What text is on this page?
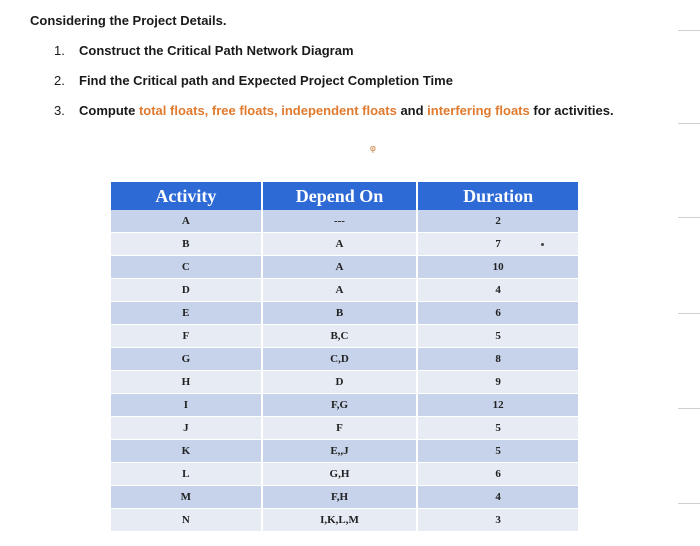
Considering the Project Details.
1. Construct the Critical Path Network Diagram
2. Find the Critical path and Expected Project Completion Time
3. Compute total floats, free floats, independent floats and interfering floats for activities.
φ
Activity	Depend On	Duration
A	---	2
B	A	7
C	A	10
D	A	4
E	B	6
F	B,C	5
G	C,D	8
H	D	9
I	F,G	12
J	F	5
K	E,,J	5
L	G,H	6
M	F,H	4
N	I,K,L,M	3
